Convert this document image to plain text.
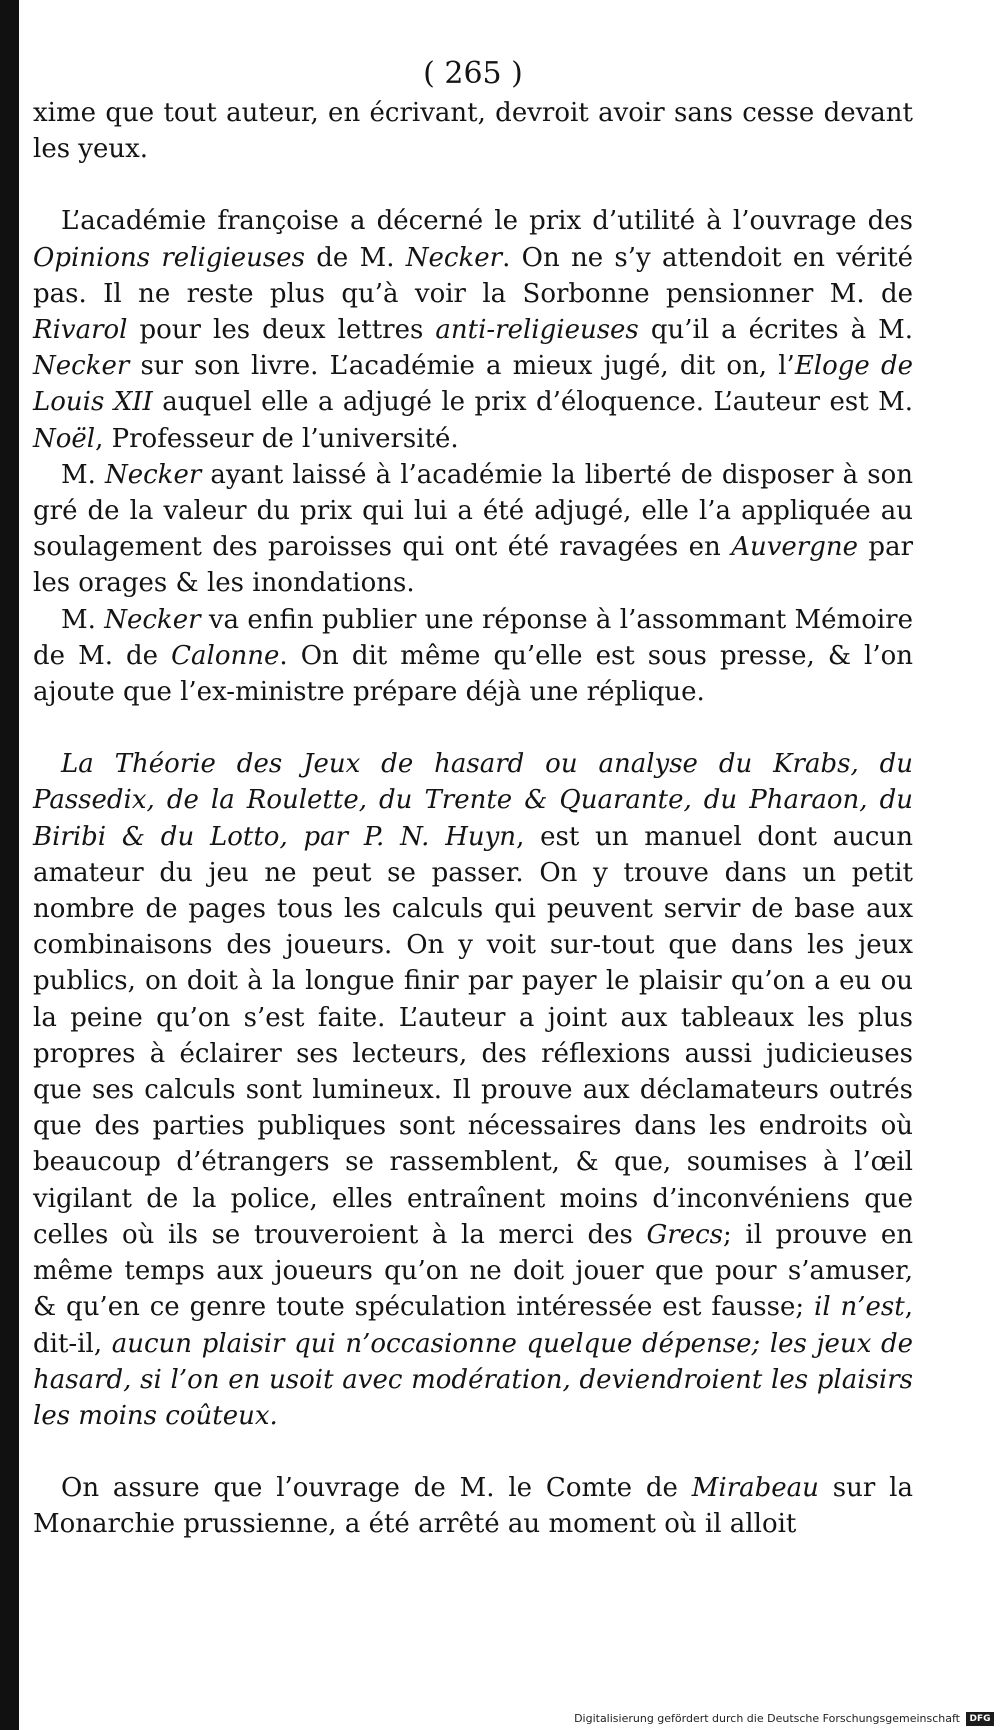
( 265 )

xime que tout auteur, en écrivant, devroit avoir sans cesse devant les yeux.

L’académie françoise a décerné le prix d’utilité à l’ouvrage des Opinions religieuses de M. Necker. On ne s’y attendoit en vérité pas. Il ne reste plus qu’à voir la Sorbonne pensionner M. de Rivarol pour les deux lettres anti-religieuses qu’il a écrites à M. Necker sur son livre. L’académie a mieux jugé, dit on, l’Eloge de Louis XII auquel elle a adjugé le prix d’éloquence. L’auteur est M. Noël, Professeur de l’université.

M. Necker ayant laissé à l’académie la liberté de disposer à son gré de la valeur du prix qui lui a été adjugé, elle l’a appliquée au soulagement des paroisses qui ont été ravagées en Auvergne par les orages & les inondations.

M. Necker va enfin publier une réponse à l’assommant Mémoire de M. de Calonne. On dit même qu’elle est sous presse, & l’on ajoute que l’ex-ministre prépare déjà une réplique.

La Théorie des Jeux de hasard ou analyse du Krabs, du Passedix, de la Roulette, du Trente & Quarante, du Pharaon, du Biribi & du Lotto, par P. N. Huyn, est un manuel dont aucun amateur du jeu ne peut se passer. On y trouve dans un petit nombre de pages tous les calculs qui peuvent servir de base aux combinaisons des joueurs. On y voit sur-tout que dans les jeux publics, on doit à la longue finir par payer le plaisir qu’on a eu ou la peine qu’on s’est faite. L’auteur a joint aux tableaux les plus propres à éclairer ses lecteurs, des réflexions aussi judicieuses que ses calculs sont lumineux. Il prouve aux déclamateurs outrés que des parties publiques sont nécessaires dans les endroits où beaucoup d’étrangers se rassemblent, & que, soumises à l’œil vigilant de la police, elles entraînent moins d’inconvéniens que celles où ils se trouveroient à la merci des Grecs; il prouve en même temps aux joueurs qu’on ne doit jouer que pour s’amuser, & qu’en ce genre toute spéculation intéressée est fausse; il n’est, dit-il, aucun plaisir qui n’occasionne quelque dépense; les jeux de hasard, si l’on en usoit avec modération, deviendroient les plaisirs les moins coûteux.

On assure que l’ouvrage de M. le Comte de Mirabeau sur la Monarchie prussienne, a été arrêté au moment où il alloit

Digitalisierung gefördert durch die Deutsche Forschungsgemeinschaft	DFG
